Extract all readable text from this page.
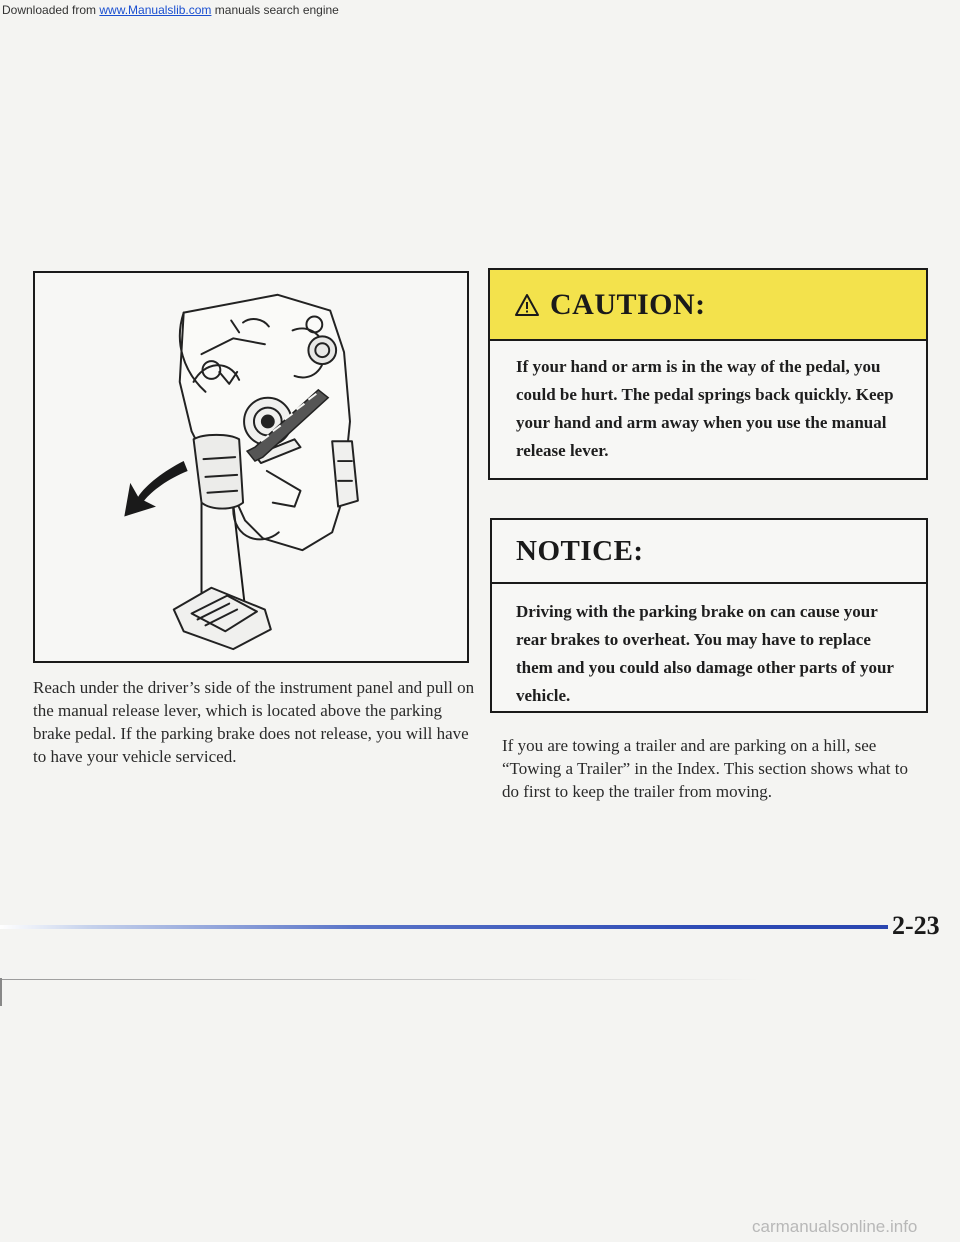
Downloaded from www.Manualslib.com manuals search engine
Reach under the driver’s side of the instrument panel and pull on the manual release lever, which is located above the parking brake pedal. If the parking brake does not release, you will have to have your vehicle serviced.
CAUTION:
If your hand or arm is in the way of the pedal, you could be hurt. The pedal springs back quickly. Keep your hand and arm away when you use the manual release lever.
NOTICE:
Driving with the parking brake on can cause your rear brakes to overheat. You may have to replace them and you could also damage other parts of your vehicle.
If you are towing a trailer and are parking on a hill, see “Towing a Trailer” in the Index. This section shows what to do first to keep the trailer from moving.
2-23
carmanualsonline.info
